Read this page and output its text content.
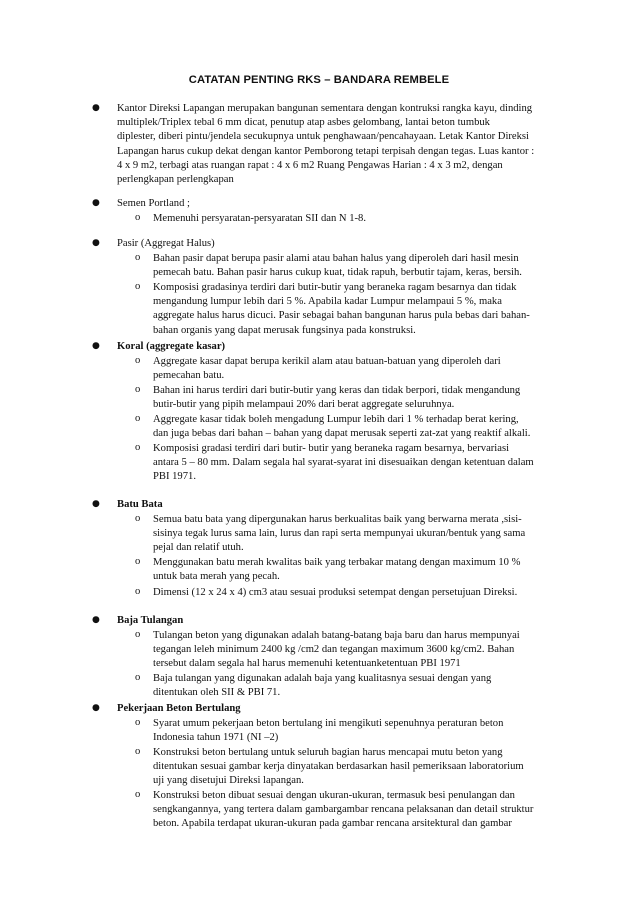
CATATAN PENTING RKS – BANDARA REMBELE
● Kantor Direksi Lapangan merupakan bangunan sementara dengan kontruksi rangka kayu, dinding
multiplek/Triplex tebal 6 mm dicat, penutup atap asbes gelombang, lantai beton tumbuk
diplester, diberi pintu/jendela secukupnya untuk penghawaan/pencahayaan. Letak Kantor Direksi
Lapangan harus cukup dekat dengan kantor Pemborong tetapi terpisah dengan tegas. Luas kantor :
4 x 9 m2, terbagi atas ruangan rapat : 4 x 6 m2 Ruang Pengawas Harian : 4 x 3 m2, dengan
perlengkapan perlengkapan
● Semen Portland ;
o Memenuhi persyaratan-persyaratan SII dan N 1-8.
● Pasir (Aggregat Halus)
o Bahan pasir dapat berupa pasir alami atau bahan halus yang diperoleh dari hasil mesin
pemecah batu. Bahan pasir harus cukup kuat, tidak rapuh, berbutir tajam, keras, bersih.
o Komposisi gradasinya terdiri dari butir-butir yang beraneka ragam besarnya dan tidak
mengandung lumpur lebih dari 5 %. Apabila kadar Lumpur melampaui 5 %, maka
aggregate halus harus dicuci. Pasir sebagai bahan bangunan harus pula bebas dari bahan-
bahan organis yang dapat merusak fungsinya pada konstruksi.
● Koral (aggregate kasar)
o Aggregate kasar dapat berupa kerikil alam atau batuan-batuan yang diperoleh dari
pemecahan batu.
o Bahan ini harus terdiri dari butir-butir yang keras dan tidak berpori, tidak mengandung
butir-butir yang pipih melampaui 20% dari berat aggregate seluruhnya.
o Aggregate kasar tidak boleh mengadung Lumpur lebih dari 1 % terhadap berat kering,
dan juga bebas dari bahan – bahan yang dapat merusak seperti zat-zat yang reaktif alkali.
o Komposisi gradasi terdiri dari butir- butir yang beraneka ragam besarnya, bervariasi
antara 5 – 80 mm. Dalam segala hal syarat-syarat ini disesuaikan dengan ketentuan dalam
PBI 1971.
● Batu Bata
o Semua batu bata yang dipergunakan harus berkualitas baik yang berwarna merata ,sisi-
sisinya tegak lurus sama lain, lurus dan rapi serta mempunyai ukuran/bentuk yang sama
pejal dan relatif utuh.
o Menggunakan batu merah kwalitas baik yang terbakar matang dengan maximum 10 %
untuk bata merah yang pecah.
o Dimensi (12 x 24 x 4) cm3 atau sesuai produksi setempat dengan persetujuan Direksi.
● Baja Tulangan
o Tulangan beton yang digunakan adalah batang-batang baja baru dan harus mempunyai
tegangan leleh minimum 2400 kg /cm2 dan tegangan maximum 3600 kg/cm2. Bahan
tersebut dalam segala hal harus memenuhi ketentuanketentuan PBI 1971
o Baja tulangan yang digunakan adalah baja yang kualitasnya sesuai dengan yang
ditentukan oleh SII & PBI 71.
● Pekerjaan Beton Bertulang
o Syarat umum pekerjaan beton bertulang ini mengikuti sepenuhnya peraturan beton
Indonesia tahun 1971 (NI –2)
o Konstruksi beton bertulang untuk seluruh bagian harus mencapai mutu beton yang
ditentukan sesuai gambar kerja dinyatakan berdasarkan hasil pemeriksaan laboratorium
uji yang disetujui Direksi lapangan.
o Konstruksi beton dibuat sesuai dengan ukuran-ukuran, termasuk besi penulangan dan
sengkangannya, yang tertera dalam gambargambar rencana pelaksanan dan detail struktur
beton. Apabila terdapat ukuran-ukuran pada gambar rencana arsitektural dan gambar
